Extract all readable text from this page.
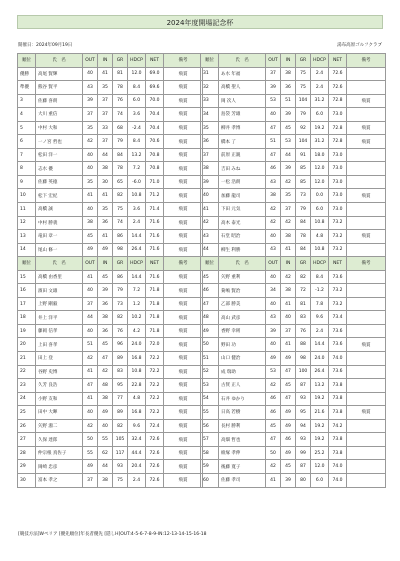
2024年度開場記念杯
開催日：2024年09月19日	湯布高原ゴルフクラブ
順位	氏　名	OUT	IN	GR	HDCP	NET	備考
優勝	高尾 賢輝	40	41	81	12.0	69.0	飛賞
準優	熊谷 賢平	43	35	78	8.4	69.6	飛賞
3	佐藤 喜朗	39	37	76	6.0	70.0	飛賞
4	大川 重信	37	37	74	3.6	70.4	飛賞
5	中村 大和	35	33	68	-2.4	70.4	飛賞
6	一ノ宮 哲也	42	37	79	8.4	70.6	飛賞
7	松田 洋一	40	44	84	13.2	70.8	飛賞
8	志水 優	40	38	78	7.2	70.8	飛賞
9	佐藤 英徳	35	30	65	-6.0	71.0	飛賞
10	松下 宏紀	41	41	82	10.8	71.2	飛賞
11	高橋 誠	40	35	75	3.6	71.4	飛賞
12	中村 勝義	38	36	74	2.4	71.6	飛賞
13	竜田 章一	45	41	86	14.4	71.6	飛賞
14	尾山 修一	49	49	98	26.4	71.6	飛賞
順位	氏　名	OUT	IN	GR	HDCP	NET	備考
15	高橋 由香里	41	45	86	14.4	71.6	飛賞
16	濱田 文雄	40	39	79	7.2	71.8	飛賞
17	上野 剛毅	37	36	73	1.2	71.8	飛賞
18	井上 洋平	44	38	82	10.2	71.8	飛賞
19	藤岡 信孝	40	36	76	4.2	71.8	飛賞
20	上田 喜孝	51	45	96	24.0	72.0	飛賞
21	田上 登	42	47	89	16.8	72.2	飛賞
22	谷野 史博	41	42	83	10.8	72.2	飛賞
23	久芳 良浩	47	48	95	22.8	72.2	飛賞
24	小野 友和	41	38	77	4.8	72.2	飛賞
25	田中 大暉	40	49	89	16.8	72.2	飛賞
26	矢野 鴻二	42	40	82	9.6	72.4	飛賞
27	久保 達郎	50	55	105	32.4	72.6	飛賞
28	仲宗根 真佐子	55	62	117	44.4	72.6	飛賞
29	岡崎 忠彦	49	44	93	20.4	72.6	飛賞
30	富本 孝之	37	38	75	2.4	72.6	飛賞
順位	氏　名	OUT	IN	GR	HDCP	NET	備考
31	あ水 年福	37	38	75	2.4	72.6	
32	高橋 聖人	39	36	75	2.4	72.6	
33	岡 次人	53	51	104	31.2	72.8	飛賞
34	島袋 芳雄	40	39	79	6.0	73.0	
35	柳井 孝博	47	45	92	19.2	72.8	飛賞
36	橋本 了	51	53	104	31.2	72.8	飛賞
37	前原 正親	47	44	91	18.0	73.0	
38	吉田 みね	46	39	85	12.0	73.0	
39	一松 浩朗	43	42	85	12.0	73.0	
40	加藤 龍司	38	35	73	0.0	73.0	飛賞
41	下田 元気	42	37	79	6.0	73.0	
42	高木 泰光	42	42	84	10.8	73.2	
43	石堂 昭治	40	38	78	4.8	73.2	飛賞
44	柳生 利勝	43	41	84	10.8	73.2	
順位	氏　名	OUT	IN	GR	HDCP	NET	備考
45	矢野 重利	40	42	82	8.4	73.6	
46	菊嶋 賢治	34	38	72	-1.2	73.2	
47	乙部 勝美	40	41	81	7.8	73.2	
48	高山 武彦	43	40	83	9.6	73.4	
49	香野 幸則	39	37	76	2.4	73.6	
50	野田 功	40	41	88	14.4	73.6	飛賞
51	山口 健治	49	49	98	24.0	74.0	
52	成 瑞助	53	47	100	26.4	73.6	
53	古賀 正人	42	45	87	13.2	73.8	
54	石井 ゆかり	46	47	93	19.2	73.8	
55	日高 若樹	46	49	95	21.6	73.8	飛賞
56	長村 勝利	45	49	94	19.2	74.2	
57	高畑 哲也	47	46	93	19.2	73.8	
58	綾塚 孝伸	50	49	99	25.2	73.8	
59	後藤 寛子	42	45	87	12.0	74.0	
60	佐藤 孝司	41	39	80	6.0	74.0	
[競技方法]Wペリア [優先順位]年長者優先 [隠しH]OUT:4-5-6-7-8-9-IN:12-13-14-15-16-18
